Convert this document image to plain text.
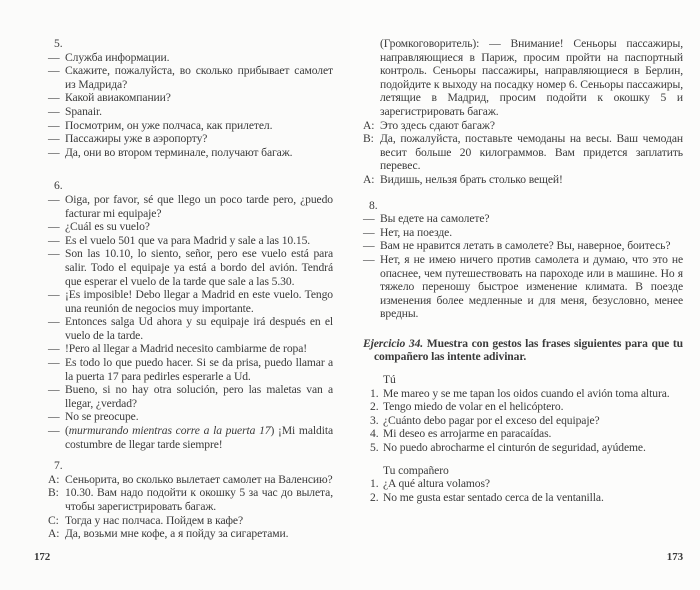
5.
— Служба информации.
— Скажите, пожалуйста, во сколько прибывает самолет из Мадрида?
— Какой авиакомпании?
— Spanair.
— Посмотрим, он уже полчаса, как прилетел.
— Пассажиры уже в аэропорту?
— Да, они во втором терминале, получают багаж.
6.
— Oiga, por favor, sé que llego un poco tarde pero, ¿puedo facturar mi equipaje?
— ¿Cuál es su vuelo?
— Es el vuelo 501 que va para Madrid y sale a las 10.15.
— Son las 10.10, lo siento, señor, pero ese vuelo está para salir. Todo el equipaje ya está a bordo del avión. Tendrá que esperar el vuelo de la tarde que sale a las 5.30.
— ¡Es imposible! Debo llegar a Madrid en este vuelo. Tengo una reunión de negocios muy importante.
— Entonces salga Ud ahora y su equipaje irá después en el vuelo de la tarde.
— !Pero al llegar a Madrid necesito cambiarme de ropa!
— Es todo lo que puedo hacer. Si se da prisa, puedo llamar a la puerta 17 para pedirles esperarle a Ud.
— Bueno, si no hay otra solución, pero las maletas van a llegar, ¿verdad?
— No se preocupe.
— (murmurando mientras corre a la puerta 17) ¡Mi maldita costumbre de llegar tarde siempre!
7.
A: Сеньорита, во сколько вылетает самолет на Валенсию?
B: 10.30. Вам надо подойти к окошку 5 за час до вылета, чтобы зарегистрировать багаж.
C: Тогда у нас полчаса. Пойдем в кафе?
A: Да, возьми мне кофе, а я пойду за сигаретами.
172
(Громкоговоритель): — Внимание! Сеньоры пассажиры, направляющиеся в Париж, просим пройти на паспортный контроль. Сеньоры пассажиры, направляющиеся в Берлин, подойдите к выходу на посадку номер 6. Сеньоры пассажиры, летящие в Мадрид, просим подойти к окошку 5 и зарегистрировать багаж.
A: Это здесь сдают багаж?
B: Да, пожалуйста, поставьте чемоданы на весы. Ваш чемодан весит больше 20 килограммов. Вам придется заплатить перевес.
A: Видишь, нельзя брать столько вещей!
8.
— Вы едете на самолете?
— Нет, на поезде.
— Вам не нравится летать в самолете? Вы, наверное, боитесь?
— Нет, я не имею ничего против самолета и думаю, что это не опаснее, чем путешествовать на пароходе или в машине. Но я тяжело переношу быстрое изменение климата. В поезде изменения более медленные и для меня, безусловно, менее вредны.
Ejercicio 34. Muestra con gestos las frases siguientes para que tu compañero las intente adivinar.
Tú
1. Me mareo y se me tapan los oidos cuando el avión toma altura.
2. Tengo miedo de volar en el helicóptero.
3. ¿Cuánto debo pagar por el exceso del equipaje?
4. Mi deseo es arrojarme en paracaídas.
5. No puedo abrocharme el cinturón de seguridad, ayúdeme.
Tu compañero
1. ¿A qué altura volamos?
2. No me gusta estar sentado cerca de la ventanilla.
173
